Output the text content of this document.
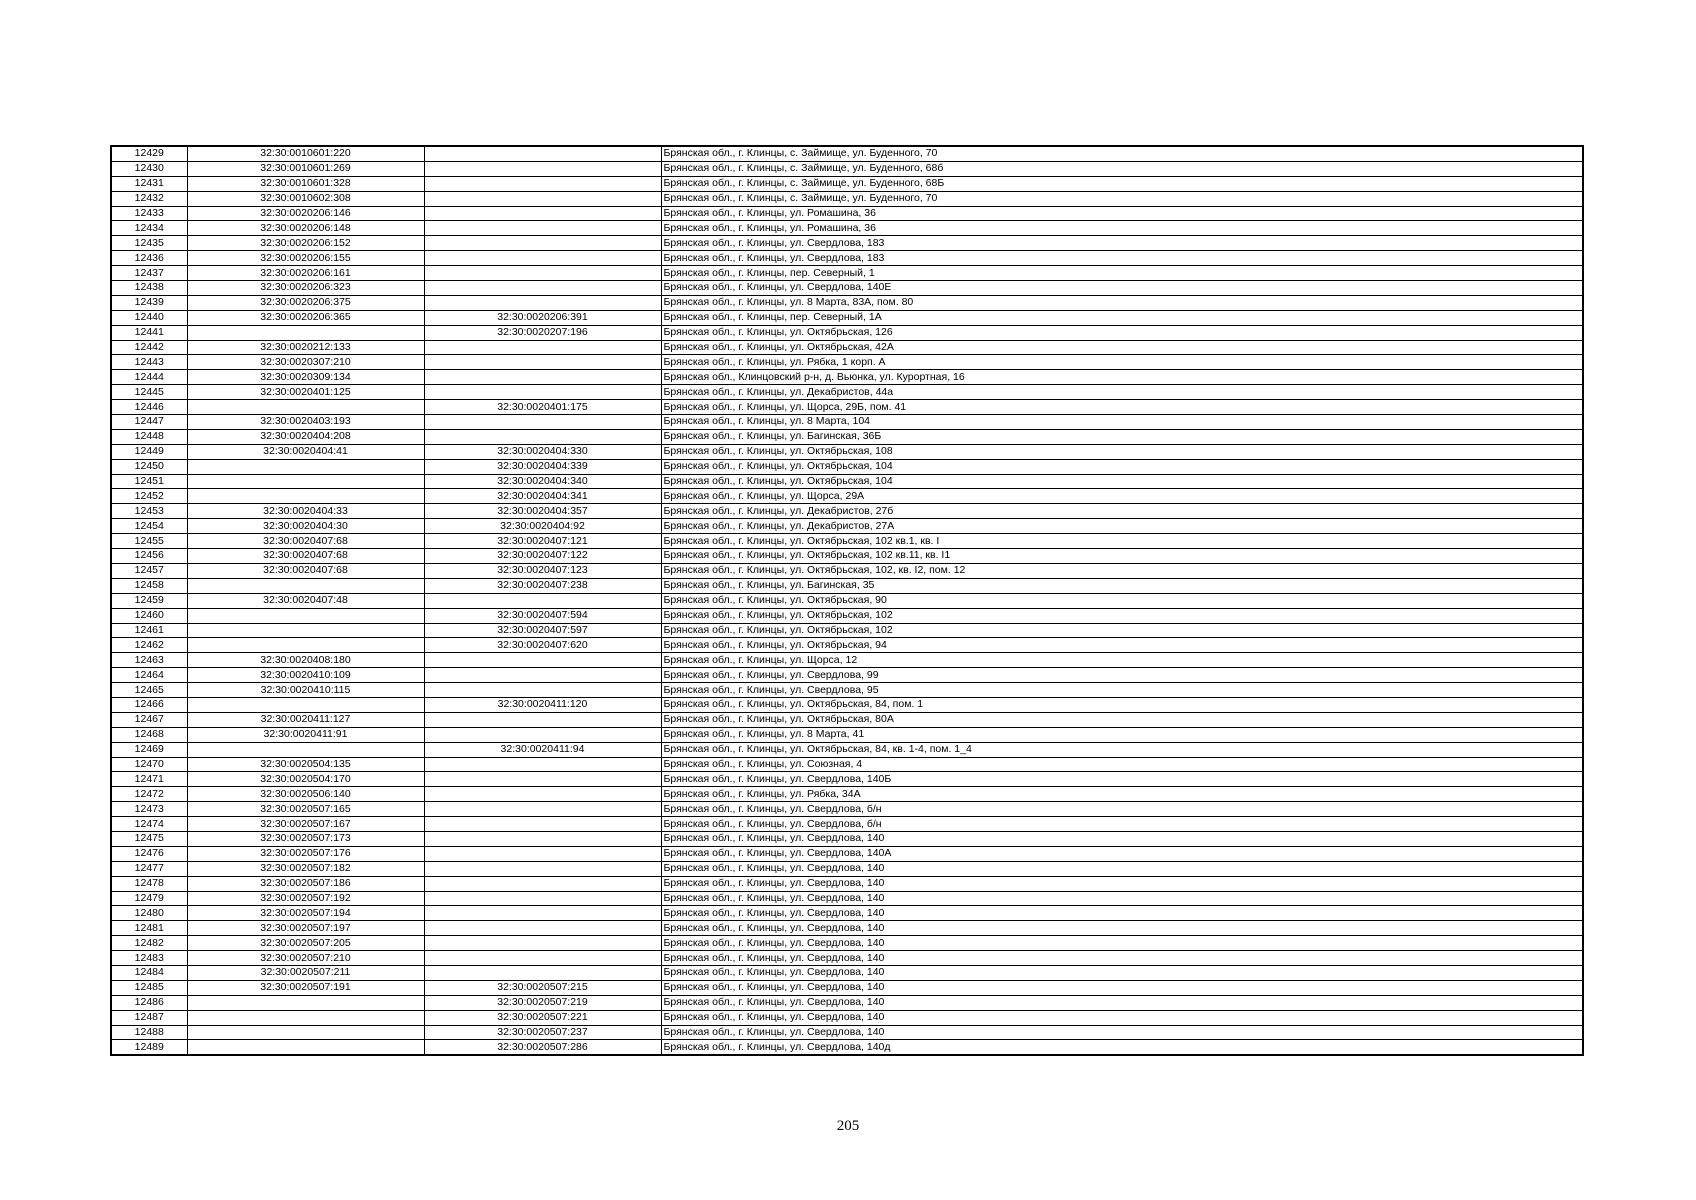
12429	32:30:0010601:220		Брянская обл., г. Клинцы, с. Займище, ул. Буденного, 70
12430	32:30:0010601:269		Брянская обл., г. Клинцы, с. Займище, ул. Буденного, 68б
12431	32:30:0010601:328		Брянская обл., г. Клинцы, с. Займище, ул. Буденного, 68Б
12432	32:30:0010602:308		Брянская обл., г. Клинцы, с. Займище, ул. Буденного, 70
12433	32:30:0020206:146		Брянская обл., г. Клинцы, ул. Ромашина, 36
12434	32:30:0020206:148		Брянская обл., г. Клинцы, ул. Ромашина, 36
12435	32:30:0020206:152		Брянская обл., г. Клинцы, ул. Свердлова, 183
12436	32:30:0020206:155		Брянская обл., г. Клинцы, ул. Свердлова, 183
12437	32:30:0020206:161		Брянская обл., г. Клинцы, пер. Северный, 1
12438	32:30:0020206:323		Брянская обл., г. Клинцы, ул. Свердлова, 140Е
12439	32:30:0020206:375		Брянская обл., г. Клинцы, ул. 8 Марта, 83А, пом. 80
12440	32:30:0020206:365	32:30:0020206:391	Брянская обл., г. Клинцы, пер. Северный, 1А
12441		32:30:0020207:196	Брянская обл., г. Клинцы, ул. Октябрьская, 126
12442	32:30:0020212:133		Брянская обл., г. Клинцы, ул. Октябрьская, 42А
12443	32:30:0020307:210		Брянская обл., г. Клинцы, ул. Рябка, 1 корп. А
12444	32:30:0020309:134		Брянская обл., Клинцовский р-н, д. Вьюнка, ул. Курортная, 16
12445	32:30:0020401:125		Брянская обл., г. Клинцы, ул. Декабристов, 44а
12446		32:30:0020401:175	Брянская обл., г. Клинцы, ул. Щорса, 29Б, пом. 41
12447	32:30:0020403:193		Брянская обл., г. Клинцы, ул. 8 Марта, 104
12448	32:30:0020404:208		Брянская обл., г. Клинцы, ул. Багинская, 36Б
12449	32:30:0020404:41	32:30:0020404:330	Брянская обл., г. Клинцы, ул. Октябрьская, 108
12450		32:30:0020404:339	Брянская обл., г. Клинцы, ул. Октябрьская, 104
12451		32:30:0020404:340	Брянская обл., г. Клинцы, ул. Октябрьская, 104
12452		32:30:0020404:341	Брянская обл., г. Клинцы, ул. Щорса, 29А
12453	32:30:0020404:33	32:30:0020404:357	Брянская обл., г. Клинцы, ул. Декабристов, 27б
12454	32:30:0020404:30	32:30:0020404:92	Брянская обл., г. Клинцы, ул. Декабристов, 27А
12455	32:30:0020407:68	32:30:0020407:121	Брянская обл., г. Клинцы, ул. Октябрьская, 102 кв.1, кв. I
12456	32:30:0020407:68	32:30:0020407:122	Брянская обл., г. Клинцы, ул. Октябрьская, 102 кв.11, кв. I1
12457	32:30:0020407:68	32:30:0020407:123	Брянская обл., г. Клинцы, ул. Октябрьская, 102, кв. I2, пом. 12
12458		32:30:0020407:238	Брянская обл., г. Клинцы, ул. Багинская, 35
12459	32:30:0020407:48		Брянская обл., г. Клинцы, ул. Октябрьская, 90
12460		32:30:0020407:594	Брянская обл., г. Клинцы, ул. Октябрьская, 102
12461		32:30:0020407:597	Брянская обл., г. Клинцы, ул. Октябрьская, 102
12462		32:30:0020407:620	Брянская обл., г. Клинцы, ул. Октябрьская, 94
12463	32:30:0020408:180		Брянская обл., г. Клинцы, ул. Щорса, 12
12464	32:30:0020410:109		Брянская обл., г. Клинцы, ул. Свердлова, 99
12465	32:30:0020410:115		Брянская обл., г. Клинцы, ул. Свердлова, 95
12466		32:30:0020411:120	Брянская обл., г. Клинцы, ул. Октябрьская, 84, пом. 1
12467	32:30:0020411:127		Брянская обл., г. Клинцы, ул. Октябрьская, 80А
12468	32:30:0020411:91		Брянская обл., г. Клинцы, ул. 8 Марта, 41
12469		32:30:0020411:94	Брянская обл., г. Клинцы, ул. Октябрьская, 84, кв. 1-4, пом. 1_4
12470	32:30:0020504:135		Брянская обл., г. Клинцы, ул. Союзная, 4
12471	32:30:0020504:170		Брянская обл., г. Клинцы, ул. Свердлова, 140Б
12472	32:30:0020506:140		Брянская обл., г. Клинцы, ул. Рябка, 34А
12473	32:30:0020507:165		Брянская обл., г. Клинцы, ул. Свердлова, б/н
12474	32:30:0020507:167		Брянская обл., г. Клинцы, ул. Свердлова, б/н
12475	32:30:0020507:173		Брянская обл., г. Клинцы, ул. Свердлова, 140
12476	32:30:0020507:176		Брянская обл., г. Клинцы, ул. Свердлова, 140А
12477	32:30:0020507:182		Брянская обл., г. Клинцы, ул. Свердлова, 140
12478	32:30:0020507:186		Брянская обл., г. Клинцы, ул. Свердлова, 140
12479	32:30:0020507:192		Брянская обл., г. Клинцы, ул. Свердлова, 140
12480	32:30:0020507:194		Брянская обл., г. Клинцы, ул. Свердлова, 140
12481	32:30:0020507:197		Брянская обл., г. Клинцы, ул. Свердлова, 140
12482	32:30:0020507:205		Брянская обл., г. Клинцы, ул. Свердлова, 140
12483	32:30:0020507:210		Брянская обл., г. Клинцы, ул. Свердлова, 140
12484	32:30:0020507:211		Брянская обл., г. Клинцы, ул. Свердлова, 140
12485	32:30:0020507:191	32:30:0020507:215	Брянская обл., г. Клинцы, ул. Свердлова, 140
12486		32:30:0020507:219	Брянская обл., г. Клинцы, ул. Свердлова, 140
12487		32:30:0020507:221	Брянская обл., г. Клинцы, ул. Свердлова, 140
12488		32:30:0020507:237	Брянская обл., г. Клинцы, ул. Свердлова, 140
12489		32:30:0020507:286	Брянская обл., г. Клинцы, ул. Свердлова, 140д
205
